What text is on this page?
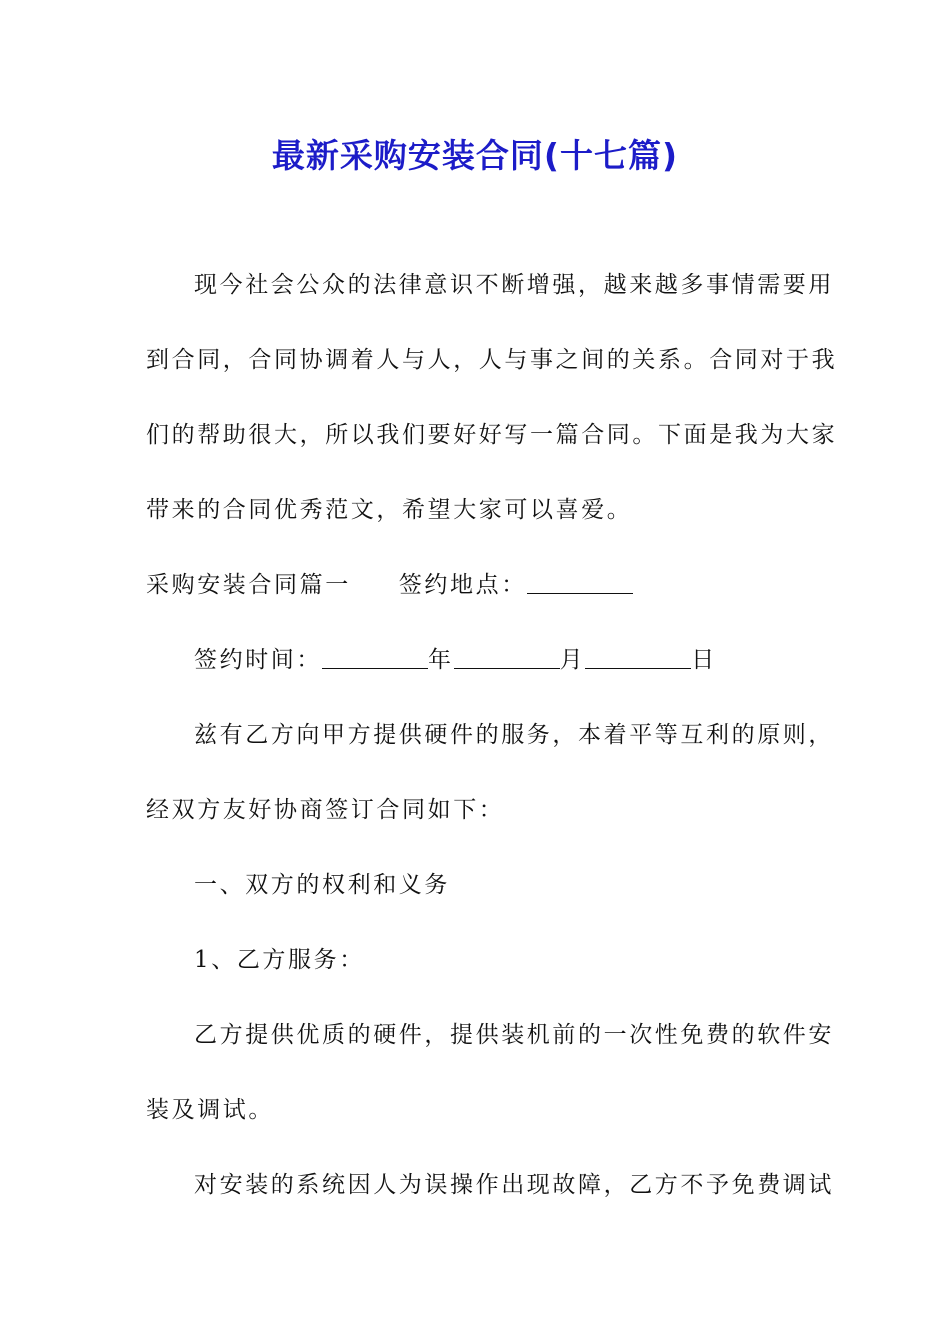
最新采购安装合同(十七篇)
现今社会公众的法律意识不断增强，越来越多事情需要用
到合同，合同协调着人与人，人与事之间的关系。合同对于我
们的帮助很大，所以我们要好好写一篇合同。下面是我为大家
带来的合同优秀范文，希望大家可以喜爱。
采购安装合同篇一 签约地点：
签约时间：	年	月	日
兹有乙方向甲方提供硬件的服务，本着平等互利的原则，
经双方友好协商签订合同如下：
一、双方的权利和义务
1、乙方服务：
乙方提供优质的硬件，提供装机前的一次性免费的软件安
装及调试。
对安装的系统因人为误操作出现故障，乙方不予免费调试
